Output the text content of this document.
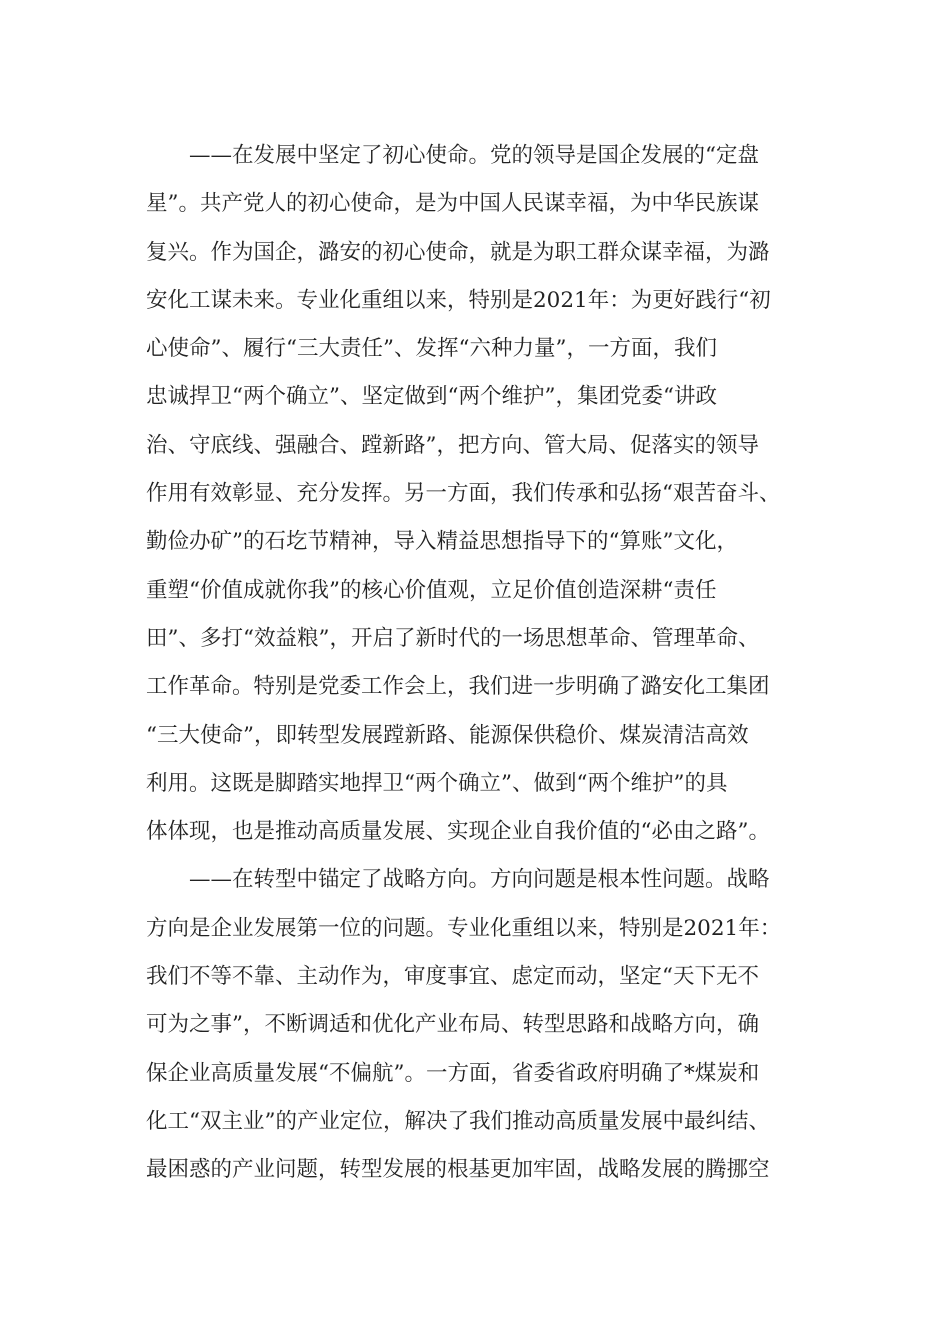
——在发展中坚定了初心使命。党的领导是国企发展的“定盘
星”。共产党人的初心使命，是为中国人民谋幸福，为中华民族谋
复兴。作为国企，潞安的初心使命，就是为职工群众谋幸福，为潞
安化工谋未来。专业化重组以来，特别是2021年：为更好践行“初
心使命”、履行“三大责任”、发挥“六种力量”，一方面，我们
忠诚捍卫“两个确立”、坚定做到“两个维护”，集团党委“讲政
治、守底线、强融合、蹚新路”，把方向、管大局、促落实的领导
作用有效彰显、充分发挥。另一方面，我们传承和弘扬“艰苦奋斗、
勤俭办矿”的石圪节精神，导入精益思想指导下的“算账”文化，
重塑“价值成就你我”的核心价值观，立足价值创造深耕“责任
田”、多打“效益粮”，开启了新时代的一场思想革命、管理革命、
工作革命。特别是党委工作会上，我们进一步明确了潞安化工集团
“三大使命”，即转型发展蹚新路、能源保供稳价、煤炭清洁高效
利用。这既是脚踏实地捍卫“两个确立”、做到“两个维护”的具
体体现，也是推动高质量发展、实现企业自我价值的“必由之路”。
——在转型中锚定了战略方向。方向问题是根本性问题。战略
方向是企业发展第一位的问题。专业化重组以来，特别是2021年：
我们不等不靠、主动作为，审度事宜、虑定而动，坚定“天下无不
可为之事”，不断调适和优化产业布局、转型思路和战略方向，确
保企业高质量发展“不偏航”。一方面，省委省政府明确了*煤炭和
化工“双主业”的产业定位，解决了我们推动高质量发展中最纠结、
最困惑的产业问题，转型发展的根基更加牢固，战略发展的腾挪空
